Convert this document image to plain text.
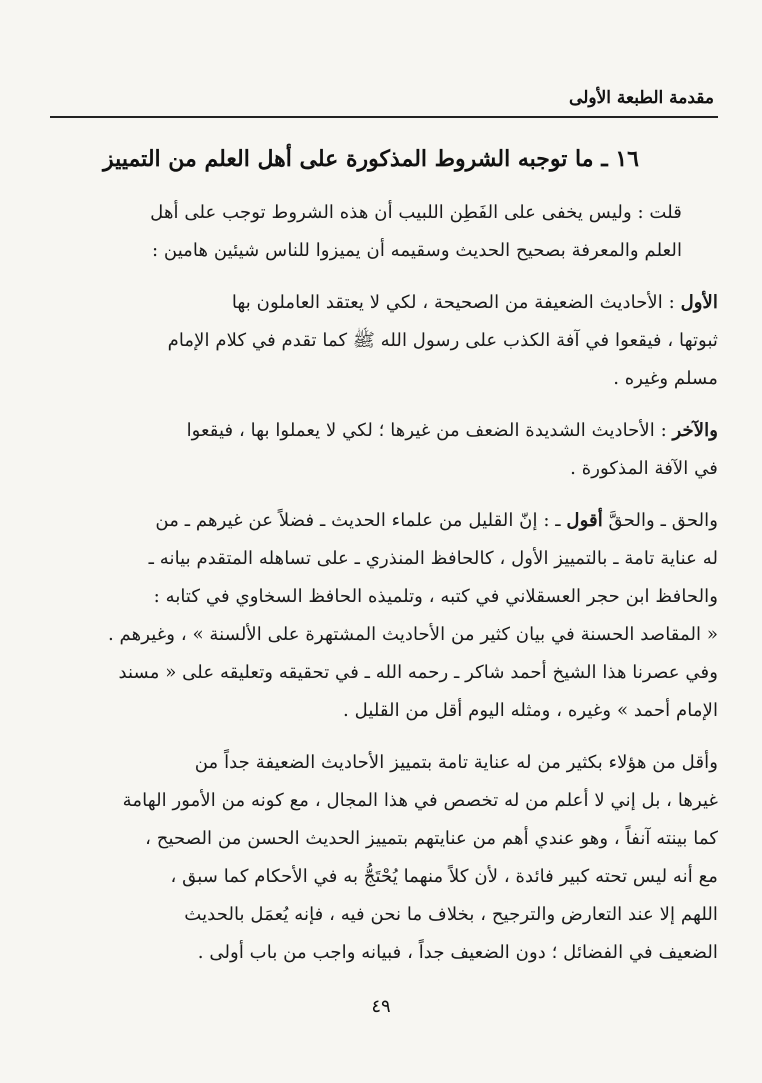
مقدمة الطبعة الأولى
١٦ ـ ما توجبه الشروط المذكورة على أهل العلم من التمييز

قلت : وليس يخفى على الفَطِن اللبيب أن هذه الشروط توجب على أهل
العلم والمعرفة بصحيح الحديث وسقيمه أن يميزوا للناس شيئين هامين :

الأول : الأحاديث الضعيفة من الصحيحة ، لكي لا يعتقد العاملون بها
ثبوتها ، فيقعوا في آفة الكذب على رسول الله ﷺ كما تقدم في كلام الإمام
مسلم وغيره .

والآخر : الأحاديث الشديدة الضعف من غيرها ؛ لكي لا يعملوا بها ، فيقعوا
في الآفة المذكورة .

والحق ـ والحقَّ أقول ـ : إنّ القليل من علماء الحديث ـ فضلاً عن غيرهم ـ من
له عناية تامة ـ بالتمييز الأول ، كالحافظ المنذري ـ على تساهله المتقدم بيانه ـ
والحافظ ابن حجر العسقلاني في كتبه ، وتلميذه الحافظ السخاوي في كتابه :
« المقاصد الحسنة في بيان كثير من الأحاديث المشتهرة على الألسنة » ، وغيرهم .
وفي عصرنا هذا الشيخ أحمد شاكر ـ رحمه الله ـ في تحقيقه وتعليقه على « مسند
الإمام أحمد » وغيره ، ومثله اليوم أقل من القليل .

وأقل من هؤلاء بكثير من له عناية تامة بتمييز الأحاديث الضعيفة جداً من
غيرها ، بل إني لا أعلم من له تخصص في هذا المجال ، مع كونه من الأمور الهامة
كما بينته آنفاً ، وهو عندي أهم من عنايتهم بتمييز الحديث الحسن من الصحيح ،
مع أنه ليس تحته كبير فائدة ، لأن كلاً منهما يُحْتَجُّ به في الأحكام كما سبق ،
اللهم إلا عند التعارض والترجيح ، بخلاف ما نحن فيه ، فإنه يُعمَل بالحديث
الضعيف في الفضائل ؛ دون الضعيف جداً ، فبيانه واجب من باب أولى .

٤٩
